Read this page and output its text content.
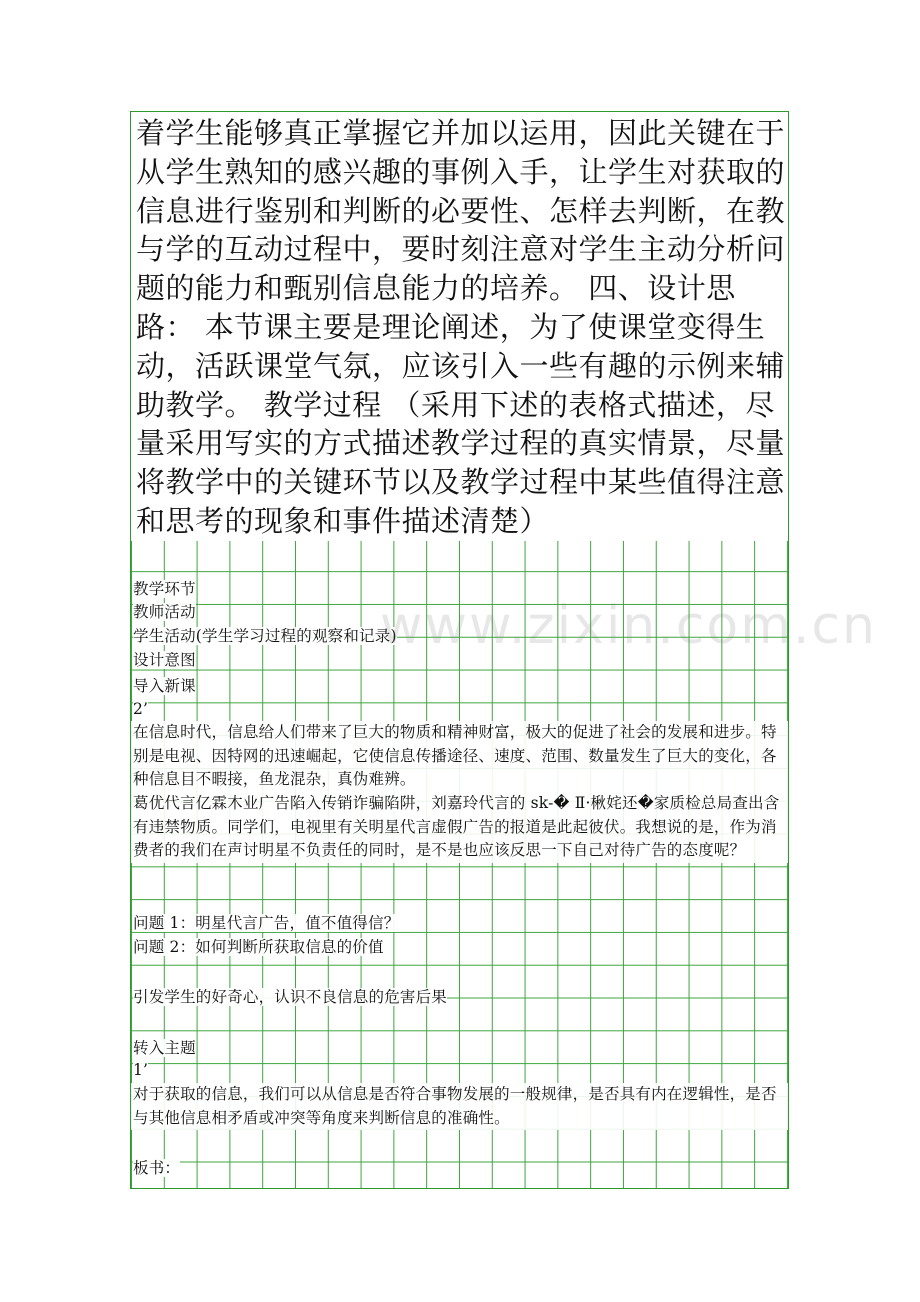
着学生能够真正掌握它并加以运用，因此关键在于从学生熟知的感兴趣的事例入手，让学生对获取的信息进行鉴别和判断的必要性、怎样去判断，在教与学的互动过程中，要时刻注意对学生主动分析问题的能力和甄别信息能力的培养。 四、设计思路： 本节课主要是理论阐述，为了使课堂变得生动，活跃课堂气氛，应该引入一些有趣的示例来辅助教学。 教学过程 （采用下述的表格式描述，尽量采用写实的方式描述教学过程的真实情景，尽量将教学中的关键环节以及教学过程中某些值得注意和思考的现象和事件描述清楚）

教学环节
教师活动
学生活动(学生学习过程的观察和记录)
设计意图
导入新课
2’
在信息时代，信息给人们带来了巨大的物质和精神财富，极大的促进了社会的发展和进步。特别是电视、因特网的迅速崛起，它使信息传播途径、速度、范围、数量发生了巨大的变化，各种信息目不暇接，鱼龙混杂，真伪难辨。
葛优代言亿霖木业广告陷入传销诈骗陷阱，刘嘉玲代言的 sk-� Ⅱ·楸姹还�家质检总局查出含有违禁物质。同学们，电视里有关明星代言虚假广告的报道是此起彼伏。我想说的是，作为消费者的我们在声讨明星不负责任的同时，是不是也应该反思一下自己对待广告的态度呢？
问题 1：明星代言广告，值不值得信？
问题 2：如何判断所获取信息的价值
引发学生的好奇心，认识不良信息的危害后果
转入主题
1’
对于获取的信息，我们可以从信息是否符合事物发展的一般规律，是否具有内在逻辑性，是否与其他信息相矛盾或冲突等角度来判断信息的准确性。
板书：
